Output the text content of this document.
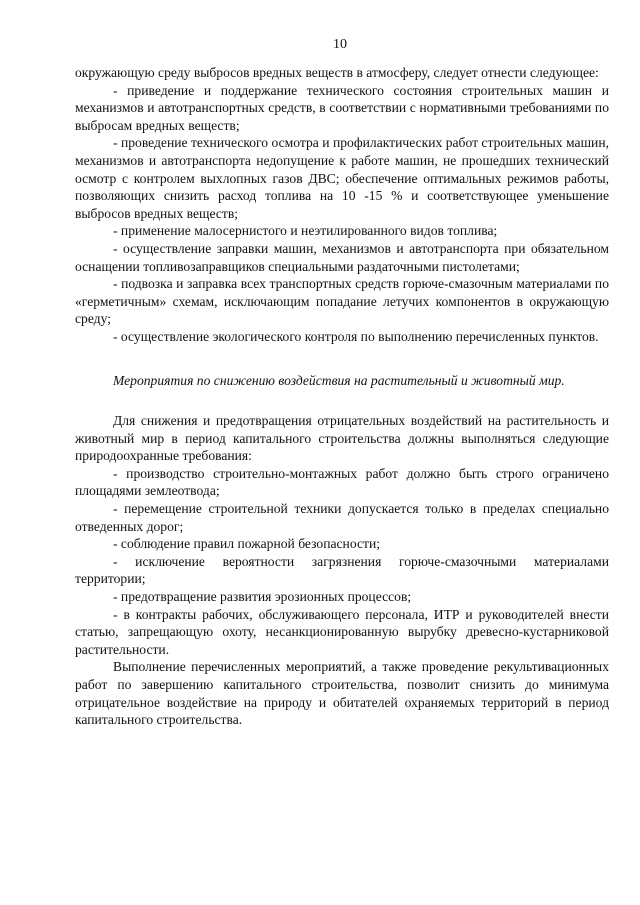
10

окружающую среду выбросов вредных веществ в атмосферу, следует отнести следующее:

- приведение и поддержание технического состояния строительных машин и механизмов и автотранспортных средств, в соответствии с нормативными требованиями по выбросам вредных веществ;

- проведение технического осмотра и профилактических работ строительных машин, механизмов и автотранспорта недопущение к работе машин, не прошедших технический осмотр с контролем выхлопных газов ДВС; обеспечение оптимальных режимов работы, позволяющих снизить расход топлива на 10 -15 % и соответствующее уменьшение выбросов вредных веществ;

- применение малосернистого и неэтилированного видов топлива;

- осуществление заправки машин, механизмов и автотранспорта при обязательном оснащении топливозаправщиков специальными раздаточными пистолетами;

- подвозка и заправка всех транспортных средств горюче-смазочным материалами по «герметичным» схемам, исключающим попадание летучих компонентов в окружающую среду;

- осуществление экологического контроля по выполнению перечисленных пунктов.

Мероприятия по снижению воздействия на растительный и животный мир.

Для снижения и предотвращения отрицательных воздействий на растительность и животный мир в период капитального строительства должны выполняться следующие природоохранные требования:

- производство строительно-монтажных работ должно быть строго ограничено площадями землеотвода;

- перемещение строительной техники допускается только в пределах специально отведенных дорог;

- соблюдение правил пожарной безопасности;

- исключение вероятности загрязнения горюче-смазочными материалами территории;

- предотвращение развития эрозионных процессов;

- в контракты рабочих, обслуживающего персонала, ИТР и руководителей внести статью, запрещающую охоту, несанкционированную вырубку древесно-кустарниковой растительности.

Выполнение перечисленных мероприятий, а также проведение рекультивационных работ по завершению капитального строительства, позволит снизить до минимума отрицательное воздействие на природу и обитателей охраняемых территорий в период капитального строительства.
